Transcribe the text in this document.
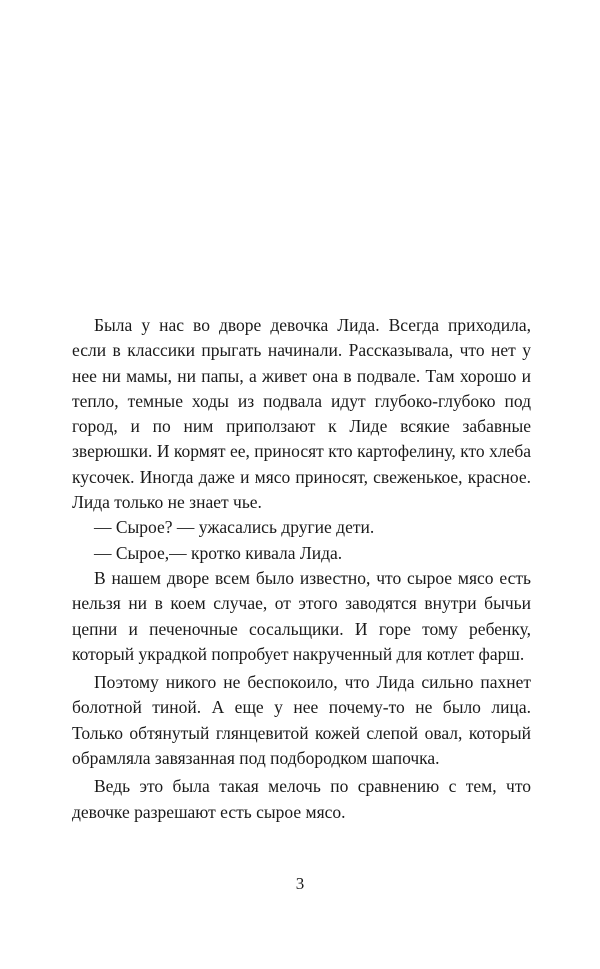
Была у нас во дворе девочка Лида. Всегда приходила, если в классики прыгать начинали. Рассказывала, что нет у нее ни мамы, ни папы, а живет она в подвале. Там хорошо и тепло, темные ходы из подвала идут глубоко-глубоко под город, и по ним приползают к Лиде всякие забавные зверюшки. И кормят ее, приносят кто картофелину, кто хлеба кусочек. Иногда даже и мясо приносят, свеженькое, красное. Лида только не знает чье.

— Сырое? — ужасались другие дети.

— Сырое,— кротко кивала Лида.

В нашем дворе всем было известно, что сырое мясо есть нельзя ни в коем случае, от этого заводятся внутри бычьи цепни и печеночные сосальщики. И горе тому ребенку, который украдкой попробует накрученный для котлет фарш.

Поэтому никого не беспокоило, что Лида сильно пахнет болотной тиной. А еще у нее почему-то не было лица. Только обтянутый глянцевитой кожей слепой овал, который обрамляла завязанная под подбородком шапочка.

Ведь это была такая мелочь по сравнению с тем, что девочке разрешают есть сырое мясо.

3
